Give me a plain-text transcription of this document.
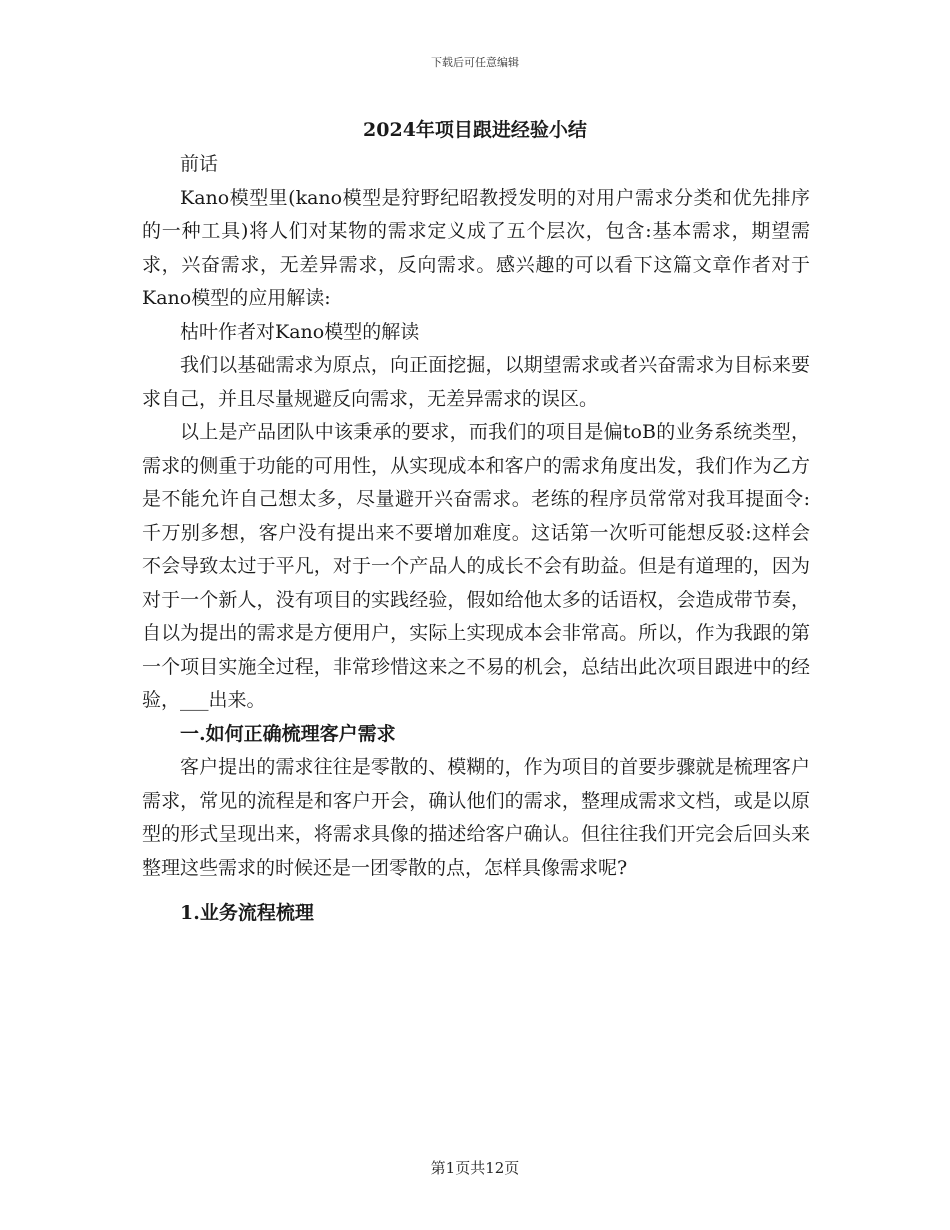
下载后可任意编辑
2024年项目跟进经验小结

前话

Kano模型里(kano模型是狩野纪昭教授发明的对用户需求分类和优先排序的一种工具)将人们对某物的需求定义成了五个层次，包含:基本需求，期望需求，兴奋需求，无差异需求，反向需求。感兴趣的可以看下这篇文章作者对于Kano模型的应用解读:

枯叶作者对Kano模型的解读

我们以基础需求为原点，向正面挖掘，以期望需求或者兴奋需求为目标来要求自己，并且尽量规避反向需求，无差异需求的误区。

以上是产品团队中该秉承的要求，而我们的项目是偏toB的业务系统类型，需求的侧重于功能的可用性，从实现成本和客户的需求角度出发，我们作为乙方是不能允许自己想太多，尽量避开兴奋需求。老练的程序员常常对我耳提面令:千万别多想，客户没有提出来不要增加难度。这话第一次听可能想反驳:这样会不会导致太过于平凡，对于一个产品人的成长不会有助益。但是有道理的，因为对于一个新人，没有项目的实践经验，假如给他太多的话语权，会造成带节奏，自以为提出的需求是方便用户，实际上实现成本会非常高。所以，作为我跟的第一个项目实施全过程，非常珍惜这来之不易的机会，总结出此次项目跟进中的经验，___出来。

一.如何正确梳理客户需求

客户提出的需求往往是零散的、模糊的，作为项目的首要步骤就是梳理客户需求，常见的流程是和客户开会，确认他们的需求，整理成需求文档，或是以原型的形式呈现出来，将需求具像的描述给客户确认。但往往我们开完会后回头来整理这些需求的时候还是一团零散的点，怎样具像需求呢?

1.业务流程梳理

第1页共12页
